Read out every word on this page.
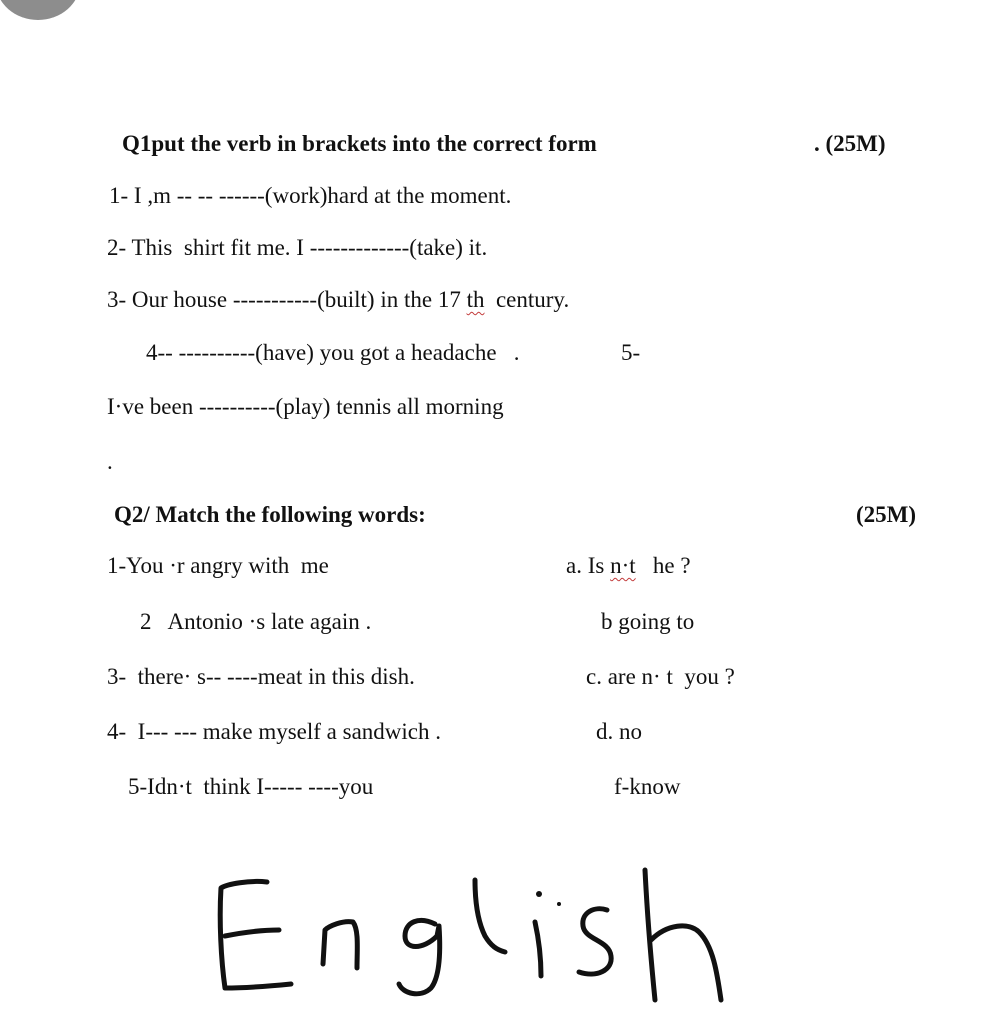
Q1put the verb in brackets into the correct form	. (25M)
1- I ,m -- -- ------(work)hard at the moment.
2- This  shirt fit me. I -------------(take) it.
3- Our house -----------(built) in the 17 th  century.
4-- ----------(have) you got a headache   .	5-
I·ve been ----------(play) tennis all morning
.
Q2/ Match the following words:	(25M)
1-You ·r angry with  me	a. Is n·t   he ?
2   Antonio ·s late again .	b going to
3-  there· s-- ----meat in this dish.	c. are n· t  you ?
4-  I--- --- make myself a sandwich .	d. no
5-Idn·t  think I----- ----you	f-know
